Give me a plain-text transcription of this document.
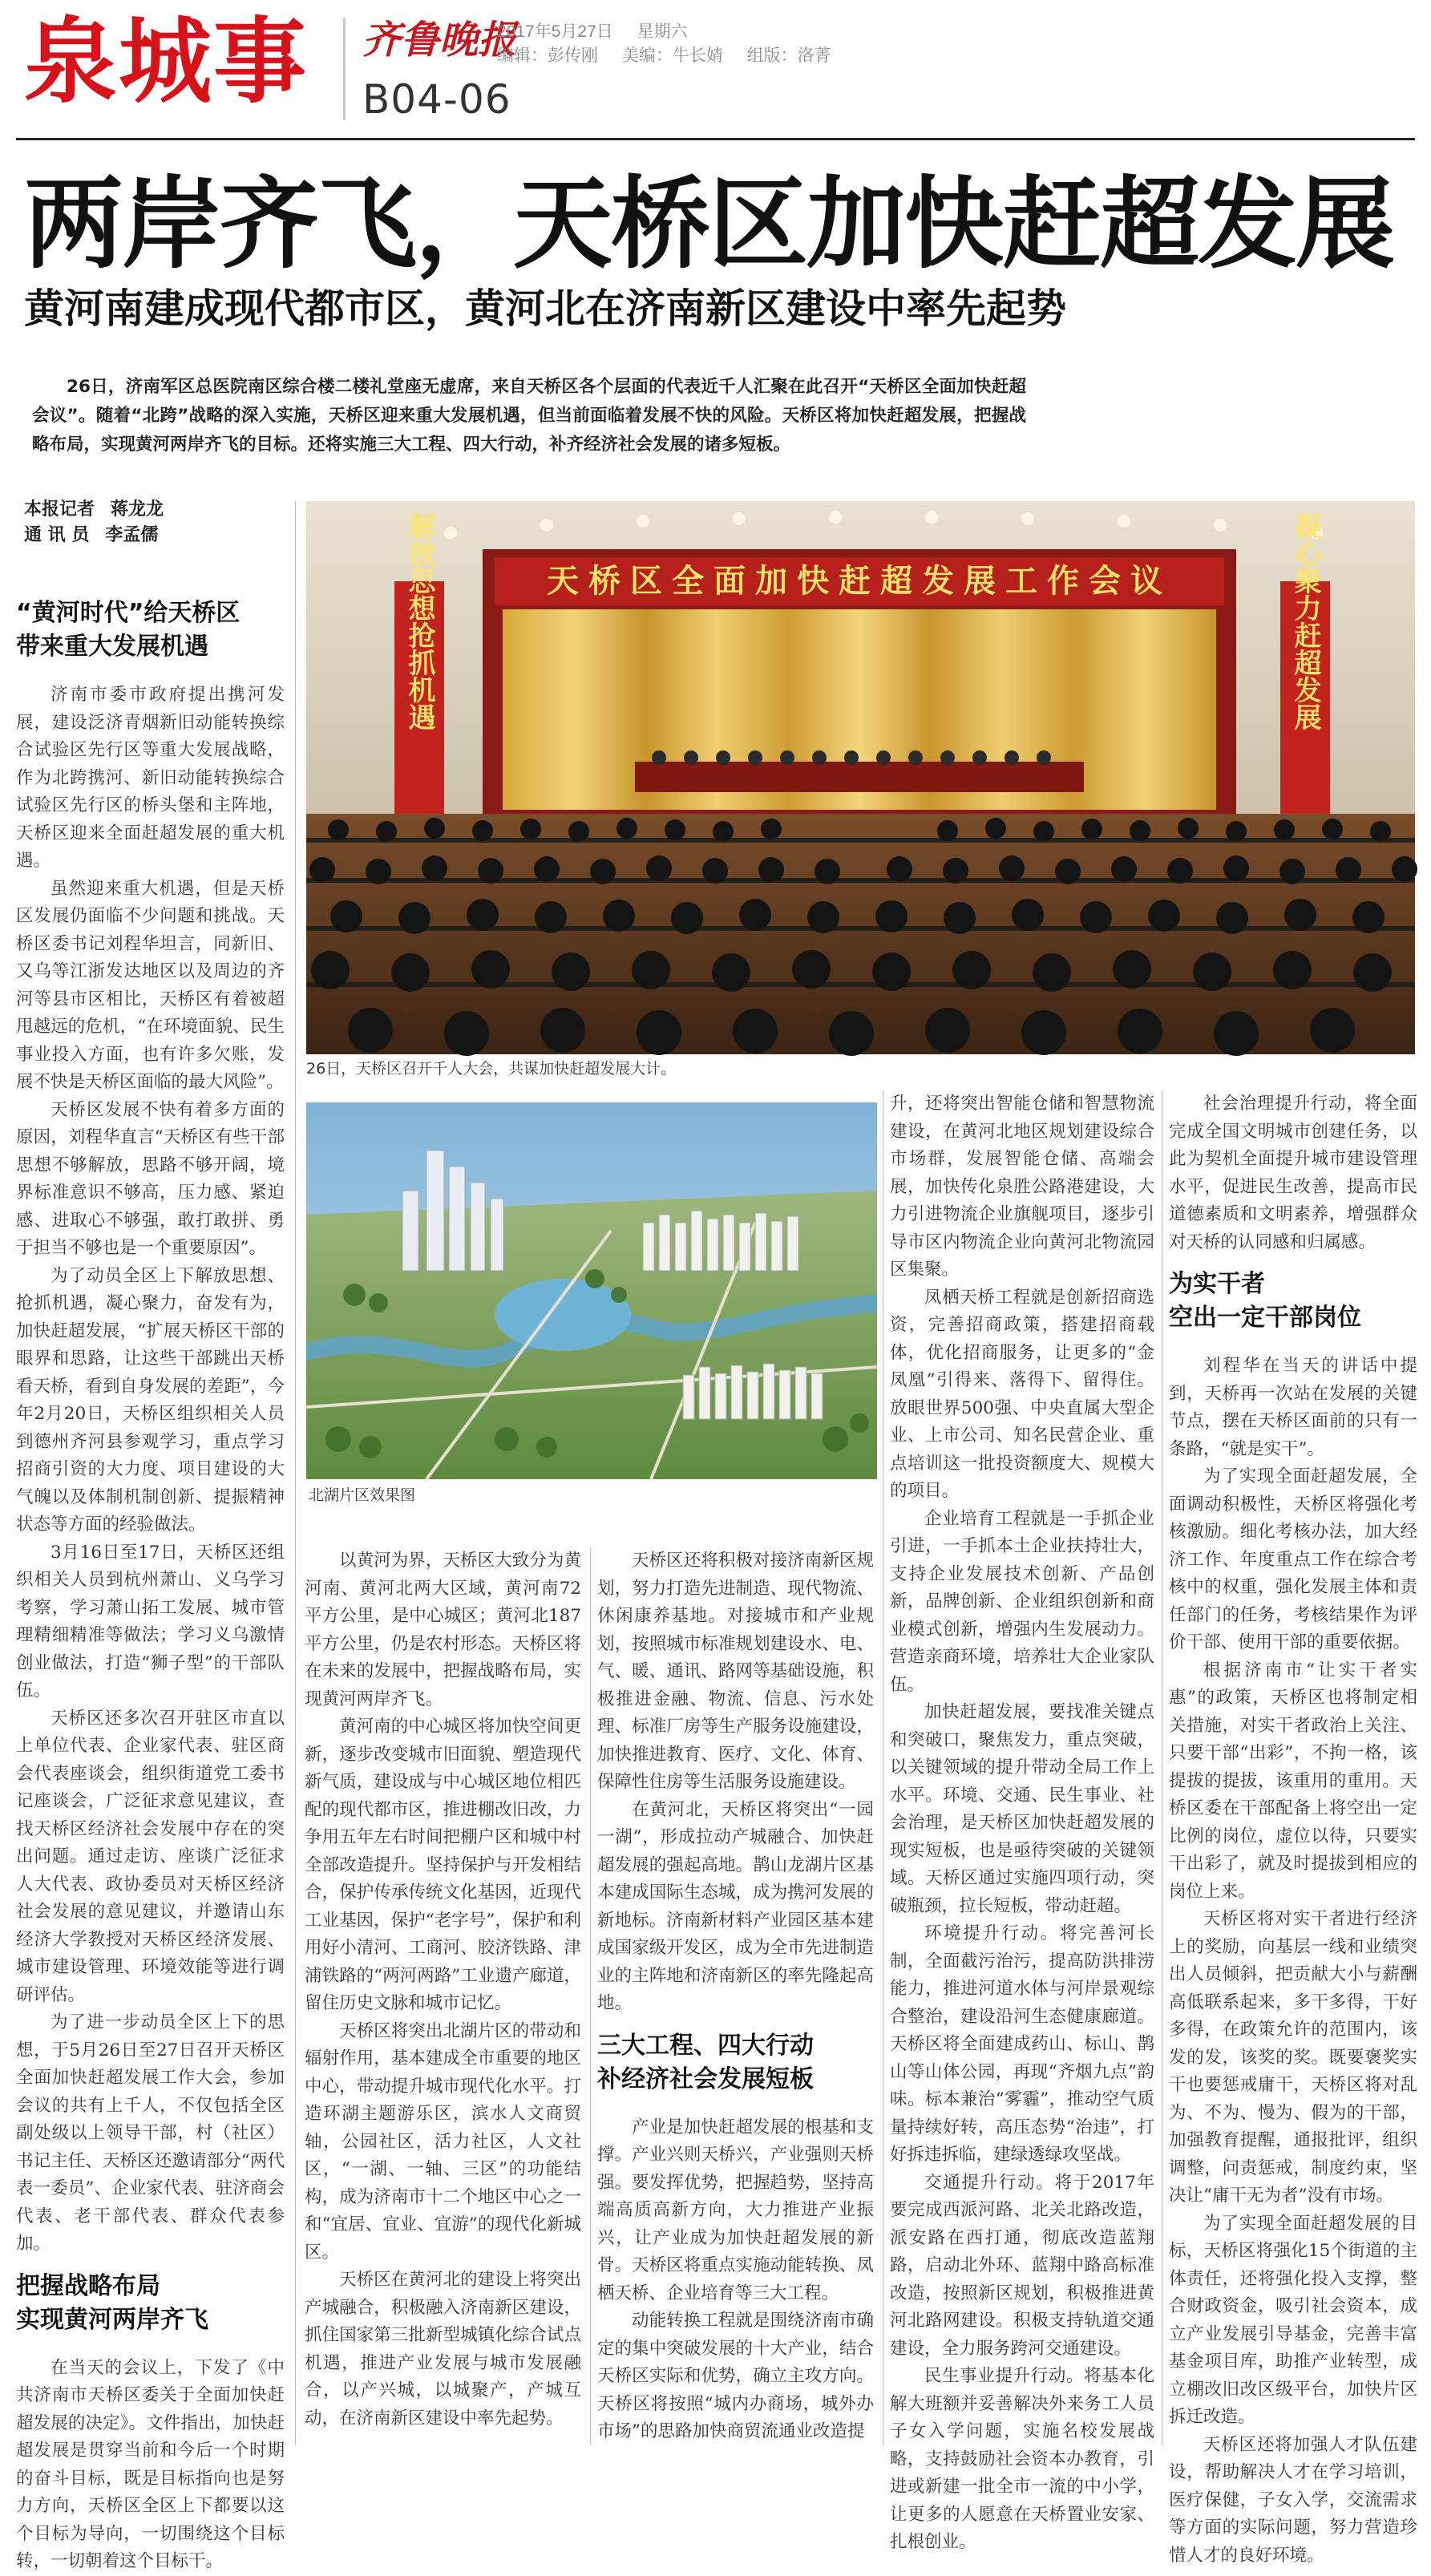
泉城事 齐鲁晚报
B04-06
2017年5月27日 星期六
编辑：彭传刚 美编：牛长婧 组版：洛菁
两岸齐飞，天桥区加快赶超发展
黄河南建成现代都市区，黄河北在济南新区建设中率先起势

26日，济南军区总医院南区综合楼二楼礼堂座无虚席，来自天桥区各个层面的代表近千人汇聚在此召开“天桥区全面加快赶超会议”。随着“北跨”战略的深入实施，天桥区迎来重大发展机遇，但当前面临着发展不快的风险。天桥区将加快赶超发展，把握战略布局，实现黄河两岸齐飞的目标。还将实施三大工程、四大行动，补齐经济社会发展的诸多短板。

本报记者 蒋龙龙
通 讯 员 李孟儒
天桥区全面加快赶超发展工作会议
解放思想抢抓机遇	凝心聚力赶超发展
26日，天桥区召开千人大会，共谋加快赶超发展大计。
北湖片区效果图
“黄河时代”给天桥区
带来重大发展机遇

济南市委市政府提出携河发展，建设泛济青烟新旧动能转换综合试验区先行区等重大发展战略，作为北跨携河、新旧动能转换综合试验区先行区的桥头堡和主阵地，天桥区迎来全面赶超发展的重大机遇。

虽然迎来重大机遇，但是天桥区发展仍面临不少问题和挑战。天桥区委书记刘程华坦言，同新旧、又乌等江浙发达地区以及周边的齐河等县市区相比，天桥区有着被超甩越远的危机，“在环境面貌、民生事业投入方面，也有许多欠账，发展不快是天桥区面临的最大风险”。

天桥区发展不快有着多方面的原因，刘程华直言“天桥区有些干部思想不够解放，思路不够开阔，境界标准意识不够高，压力感、紧迫感、进取心不够强，敢打敢拼、勇于担当不够也是一个重要原因”。

为了动员全区上下解放思想、抢抓机遇，凝心聚力，奋发有为，加快赶超发展，“扩展天桥区干部的眼界和思路，让这些干部跳出天桥看天桥，看到自身发展的差距”，今年2月20日，天桥区组织相关人员到德州齐河县参观学习，重点学习招商引资的大力度、项目建设的大气魄以及体制机制创新、提振精神状态等方面的经验做法。

3月16日至17日，天桥区还组织相关人员到杭州萧山、义乌学习考察，学习萧山拓工发展、城市管理精细精准等做法；学习义乌激情创业做法，打造“狮子型”的干部队伍。

天桥区还多次召开驻区市直以上单位代表、企业家代表、驻区商会代表座谈会，组织街道党工委书记座谈会，广泛征求意见建议，查找天桥区经济社会发展中存在的突出问题。通过走访、座谈广泛征求人大代表、政协委员对天桥区经济社会发展的意见建议，并邀请山东经济大学教授对天桥区经济发展、城市建设管理、环境效能等进行调研评估。

为了进一步动员全区上下的思想，于5月26日至27日召开天桥区全面加快赶超发展工作大会，参加会议的共有上千人，不仅包括全区副处级以上领导干部，村（社区）书记主任、天桥区还邀请部分“两代表一委员”、企业家代表、驻济商会代表、老干部代表、群众代表参加。

把握战略布局
实现黄河两岸齐飞

在当天的会议上，下发了《中共济南市天桥区委关于全面加快赶超发展的决定》。文件指出，加快赶超发展是贯穿当前和今后一个时期的奋斗目标，既是目标指向也是努力方向，天桥区全区上下都要以这个目标为导向，一切围绕这个目标转，一切朝着这个目标干。

以黄河为界，天桥区大致分为黄河南、黄河北两大区域，黄河南72平方公里，是中心城区；黄河北187平方公里，仍是农村形态。天桥区将在未来的发展中，把握战略布局，实现黄河两岸齐飞。

黄河南的中心城区将加快空间更新，逐步改变城市旧面貌、塑造现代新气质，建设成与中心城区地位相匹配的现代都市区，推进棚改旧改，力争用五年左右时间把棚户区和城中村全部改造提升。坚持保护与开发相结合，保护传承传统文化基因，近现代工业基因，保护“老字号”，保护和利用好小清河、工商河、胶济铁路、津浦铁路的“两河两路”工业遗产廊道，留住历史文脉和城市记忆。

天桥区将突出北湖片区的带动和辐射作用，基本建成全市重要的地区中心，带动提升城市现代化水平。打造环湖主题游乐区，滨水人文商贸轴，公园社区，活力社区，人文社区，“一湖、一轴、三区”的功能结构，成为济南市十二个地区中心之一和“宜居、宜业、宜游”的现代化新城区。

天桥区在黄河北的建设上将突出产城融合，积极融入济南新区建设，抓住国家第三批新型城镇化综合试点机遇，推进产业发展与城市发展融合，以产兴城，以城聚产，产城互动，在济南新区建设中率先起势。

天桥区还将积极对接济南新区规划，努力打造先进制造、现代物流、休闲康养基地。对接城市和产业规划，按照城市标准规划建设水、电、气、暖、通讯、路网等基础设施，积极推进金融、物流、信息、污水处理、标准厂房等生产服务设施建设，加快推进教育、医疗、文化、体育、保障性住房等生活服务设施建设。

在黄河北，天桥区将突出“一园一湖”，形成拉动产城融合、加快赶超发展的强起高地。鹊山龙湖片区基本建成国际生态城，成为携河发展的新地标。济南新材料产业园区基本建成国家级开发区，成为全市先进制造业的主阵地和济南新区的率先隆起高地。

三大工程、四大行动
补经济社会发展短板

产业是加快赶超发展的根基和支撑。产业兴则天桥兴，产业强则天桥强。要发挥优势，把握趋势，坚持高端高质高新方向，大力推进产业振兴，让产业成为加快赶超发展的新骨。天桥区将重点实施动能转换、凤栖天桥、企业培育等三大工程。

动能转换工程就是围绕济南市确定的集中突破发展的十大产业，结合天桥区实际和优势，确立主攻方向。天桥区将按照“城内办商场，城外办市场”的思路加快商贸流通业改造提

升，还将突出智能仓储和智慧物流建设，在黄河北地区规划建设综合市场群，发展智能仓储、高端会展，加快传化泉胜公路港建设，大力引进物流企业旗舰项目，逐步引导市区内物流企业向黄河北物流园区集聚。

凤栖天桥工程就是创新招商选资，完善招商政策，搭建招商载体，优化招商服务，让更多的“金凤凰”引得来、落得下、留得住。放眼世界500强、中央直属大型企业、上市公司、知名民营企业、重点培训这一批投资额度大、规模大的项目。

企业培育工程就是一手抓企业引进，一手抓本土企业扶持壮大，支持企业发展技术创新、产品创新，品牌创新、企业组织创新和商业模式创新，增强内生发展动力。营造亲商环境，培养壮大企业家队伍。

加快赶超发展，要找准关键点和突破口，聚焦发力，重点突破，以关键领域的提升带动全局工作上水平。环境、交通、民生事业、社会治理，是天桥区加快赶超发展的现实短板，也是亟待突破的关键领域。天桥区通过实施四项行动，突破瓶颈，拉长短板，带动赶超。

环境提升行动。将完善河长制，全面截污治污，提高防洪排涝能力，推进河道水体与河岸景观综合整治，建设沿河生态健康廊道。天桥区将全面建成药山、标山、鹊山等山体公园，再现“齐烟九点”韵味。标本兼治“雾霾”，推动空气质量持续好转，高压态势“治违”，打好拆违拆临，建绿透绿攻坚战。

交通提升行动。将于2017年要完成西派河路、北关北路改造，派安路在西打通，彻底改造蓝翔路，启动北外环、蓝翔中路高标准改造，按照新区规划，积极推进黄河北路网建设。积极支持轨道交通建设，全力服务跨河交通建设。

民生事业提升行动。将基本化解大班额并妥善解决外来务工人员子女入学问题，实施名校发展战略，支持鼓励社会资本办教育，引进或新建一批全市一流的中小学，让更多的人愿意在天桥置业安家、扎根创业。

社会治理提升行动，将全面完成全国文明城市创建任务，以此为契机全面提升城市建设管理水平，促进民生改善，提高市民道德素质和文明素养，增强群众对天桥的认同感和归属感。

为实干者
空出一定干部岗位

刘程华在当天的讲话中提到，天桥再一次站在发展的关键节点，摆在天桥区面前的只有一条路，“就是实干”。

为了实现全面赶超发展，全面调动积极性，天桥区将强化考核激励。细化考核办法，加大经济工作、年度重点工作在综合考核中的权重，强化发展主体和责任部门的任务，考核结果作为评价干部、使用干部的重要依据。

根据济南市“让实干者实惠”的政策，天桥区也将制定相关措施，对实干者政治上关注、只要干部“出彩”，不拘一格，该提拔的提拔，该重用的重用。天桥区委在干部配备上将空出一定比例的岗位，虚位以待，只要实干出彩了，就及时提拔到相应的岗位上来。

天桥区将对实干者进行经济上的奖励，向基层一线和业绩突出人员倾斜，把贡献大小与薪酬高低联系起来，多干多得，干好多得，在政策允许的范围内，该发的发，该奖的奖。既要褒奖实干也要惩戒庸干，天桥区将对乱为、不为、慢为、假为的干部，加强教育提醒，通报批评，组织调整，问责惩戒，制度约束，坚决让“庸干无为者”没有市场。

为了实现全面赶超发展的目标，天桥区将强化15个街道的主体责任，还将强化投入支撑，整合财政资金，吸引社会资本，成立产业发展引导基金，完善丰富基金项目库，助推产业转型，成立棚改旧改区级平台，加快片区拆迁改造。

天桥区还将加强人才队伍建设，帮助解决人才在学习培训，医疗保健，子女入学，交流需求等方面的实际问题，努力营造珍惜人才的良好环境。
